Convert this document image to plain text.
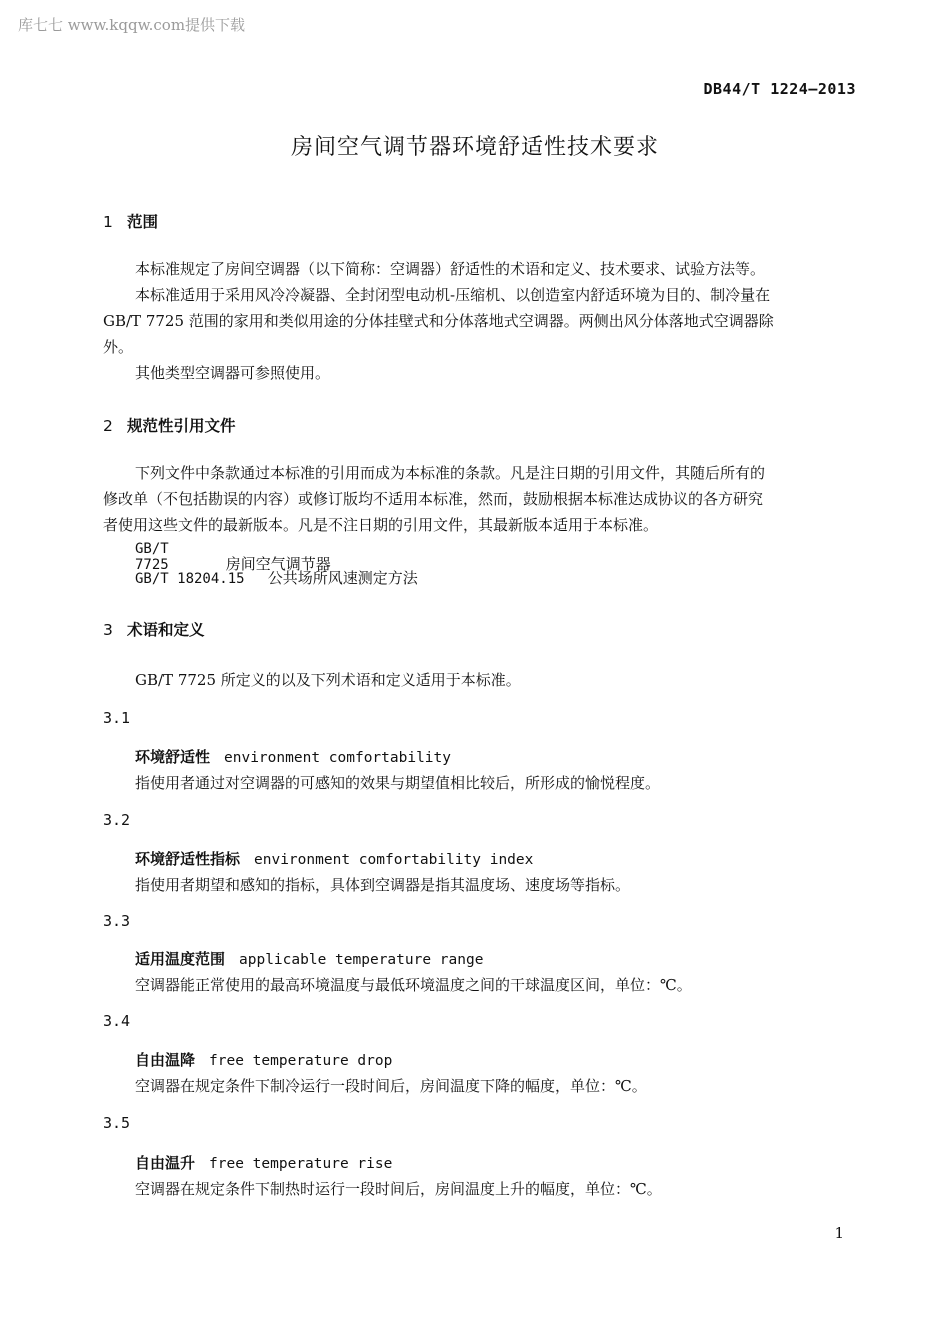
库七七 www.kqqw.com提供下载
DB44/T 1224—2013
房间空气调节器环境舒适性技术要求
1 范围
本标准规定了房间空调器（以下简称：空调器）舒适性的术语和定义、技术要求、试验方法等。
本标准适用于采用风冷冷凝器、全封闭型电动机-压缩机、以创造室内舒适环境为目的、制冷量在
GB/T 7725 范围的家用和类似用途的分体挂壁式和分体落地式空调器。两侧出风分体落地式空调器除
外。
其他类型空调器可参照使用。
2 规范性引用文件
下列文件中条款通过本标准的引用而成为本标准的条款。凡是注日期的引用文件，其随后所有的
修改单（不包括勘误的内容）或修订版均不适用本标准，然而，鼓励根据本标准达成协议的各方研究
者使用这些文件的最新版本。凡是不注日期的引用文件，其最新版本适用于本标准。
GB/T 7725	房间空气调节器
GB/T 18204.15 公共场所风速测定方法
3 术语和定义
GB/T 7725 所定义的以及下列术语和定义适用于本标准。
3.1
环境舒适性 environment comfortability
指使用者通过对空调器的可感知的效果与期望值相比较后，所形成的愉悦程度。
3.2
环境舒适性指标 environment comfortability index
指使用者期望和感知的指标，具体到空调器是指其温度场、速度场等指标。
3.3
适用温度范围 applicable temperature range
空调器能正常使用的最高环境温度与最低环境温度之间的干球温度区间，单位：℃。
3.4
自由温降 free temperature drop
空调器在规定条件下制冷运行一段时间后，房间温度下降的幅度，单位：℃。
3.5
自由温升 free temperature rise
空调器在规定条件下制热时运行一段时间后，房间温度上升的幅度，单位：℃。
1
